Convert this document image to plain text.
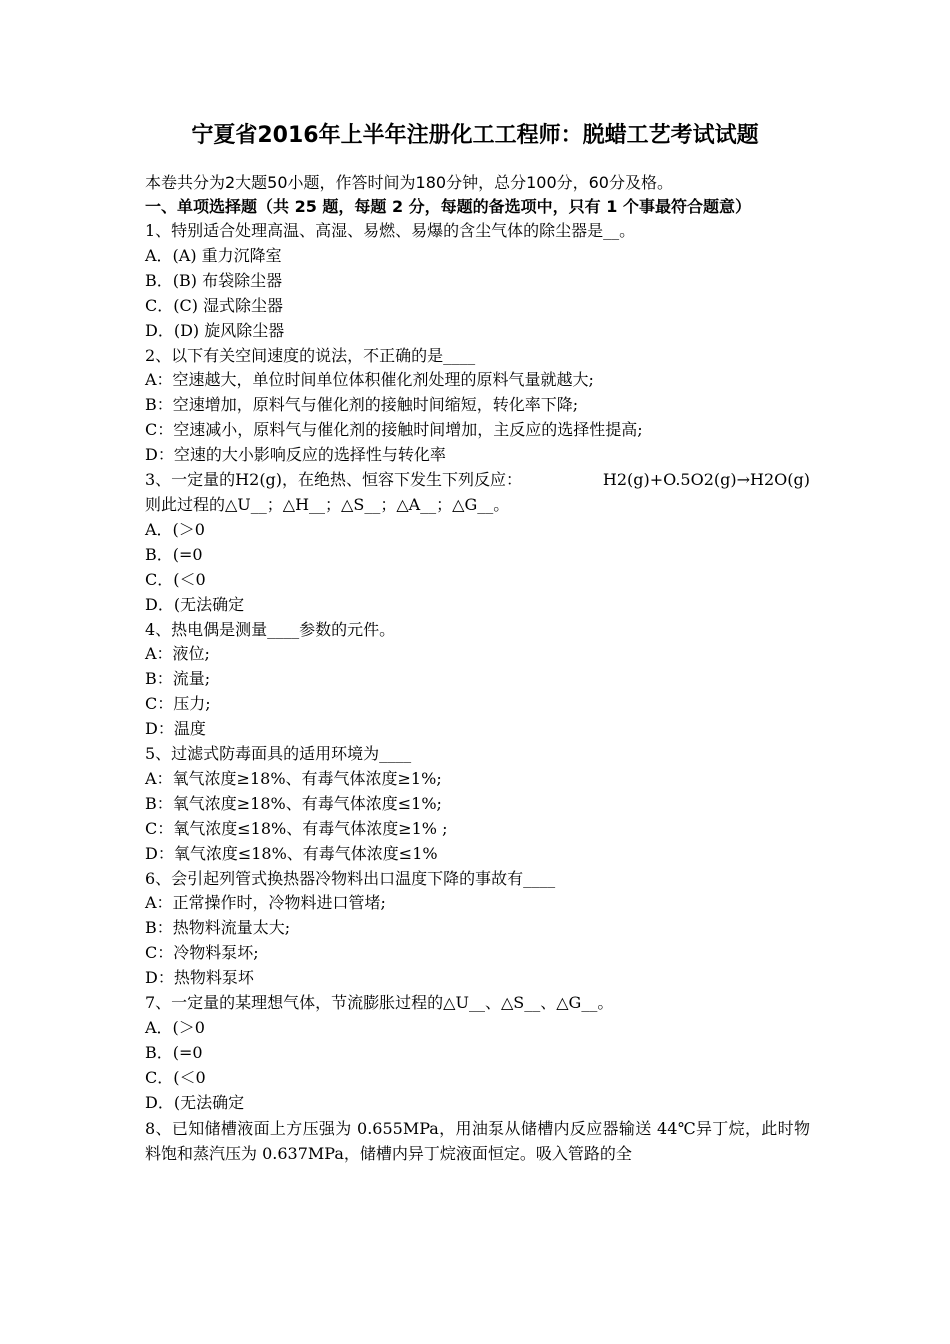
宁夏省2016年上半年注册化工工程师：脱蜡工艺考试试题
本卷共分为2大题50小题，作答时间为180分钟，总分100分，60分及格。
一、单项选择题（共 25 题，每题 2 分，每题的备选项中，只有 1 个事最符合题意）
1、特别适合处理高温、高湿、易燃、易爆的含尘气体的除尘器是__。
A．(A) 重力沉降室
B．(B) 布袋除尘器
C．(C) 湿式除尘器
D．(D) 旋风除尘器
2、以下有关空间速度的说法，不正确的是____
A：空速越大，单位时间单位体积催化剂处理的原料气量就越大;
B：空速增加，原料气与催化剂的接触时间缩短，转化率下降;
C：空速减小，原料气与催化剂的接触时间增加，主反应的选择性提高;
D：空速的大小影响反应的选择性与转化率
3、一定量的H2(g)，在绝热、恒容下发生下列反应：	H2(g)+O.5O2(g)→H2O(g)
则此过程的△U__；△H__；△S__；△A__；△G__。
A．(＞0
B．(=0
C．(＜0
D．(无法确定
4、热电偶是测量____参数的元件。
A：液位;
B：流量;
C：压力;
D：温度
5、过滤式防毒面具的适用环境为____
A：氧气浓度≥18%、有毒气体浓度≥1%;
B：氧气浓度≥18%、有毒气体浓度≤1%;
C：氧气浓度≤18%、有毒气体浓度≥1% ;
D：氧气浓度≤18%、有毒气体浓度≤1%
6、会引起列管式换热器冷物料出口温度下降的事故有____
A：正常操作时，冷物料进口管堵;
B：热物料流量太大;
C：冷物料泵坏;
D：热物料泵坏
7、一定量的某理想气体，节流膨胀过程的△U__、△S__、△G__。
A．(＞0
B．(=0
C．(＜0
D．(无法确定
8、已知储槽液面上方压强为 0.655MPa，用油泵从储槽内反应器输送 44℃异丁烷，此时物料饱和蒸汽压为 0.637MPa，储槽内异丁烷液面恒定。吸入管路的全
